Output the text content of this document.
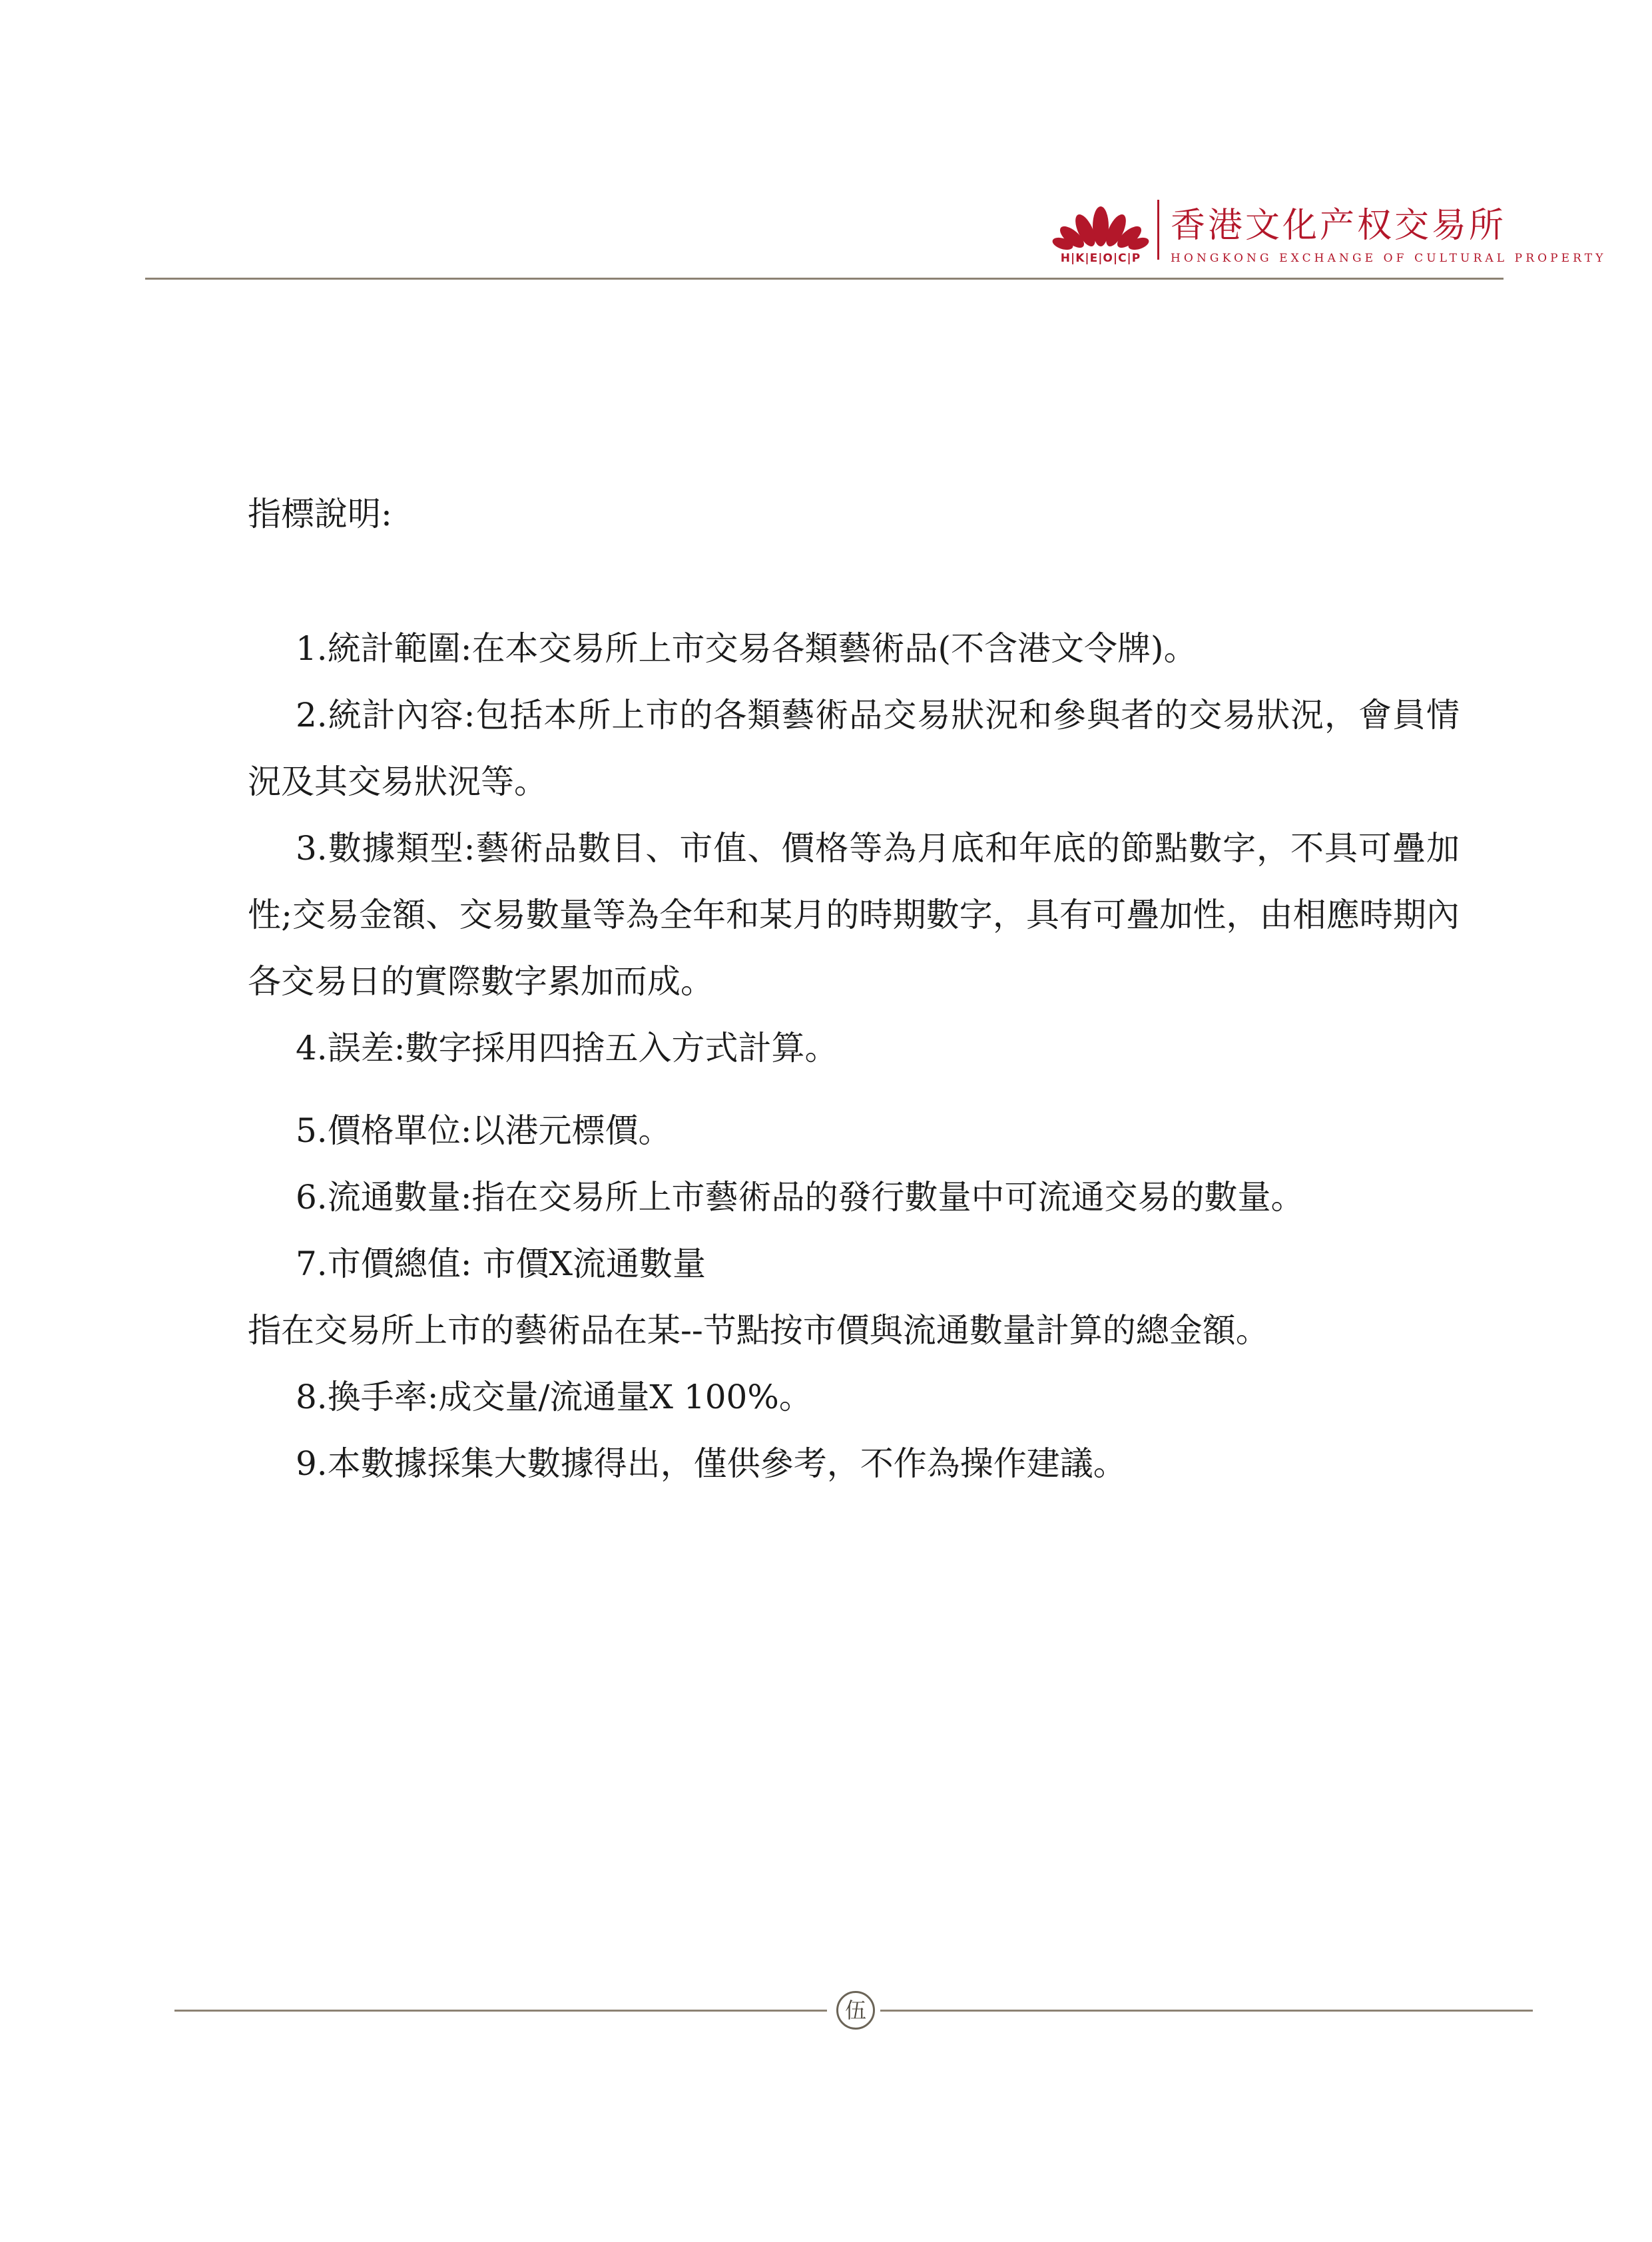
H|K|E|O|C|P
香港文化产权交易所
HONGKONG EXCHANGE OF CULTURAL PROPERTY
指標說明:

1.統計範圍:在本交易所上市交易各類藝術品(不含港文令牌)。

2.統計內容:包括本所上市的各類藝術品交易狀況和參與者的交易狀況，會員情況及其交易狀況等。

3.數據類型:藝術品數目、市值、價格等為月底和年底的節點數字，不具可疊加性;交易金額、交易數量等為全年和某月的時期數字，具有可疊加性，由相應時期內各交易日的實際數字累加而成。

4.誤差:數字採用四捨五入方式計算。

5.價格單位:以港元標價。

6.流通數量:指在交易所上市藝術品的發行數量中可流通交易的數量。

7.市價總值: 市價X流通數量

指在交易所上市的藝術品在某--节點按市價與流通數量計算的總金額。

8.換手率:成交量/流通量X 100%。

9.本數據採集大數據得出，僅供參考，不作為操作建議。

伍
